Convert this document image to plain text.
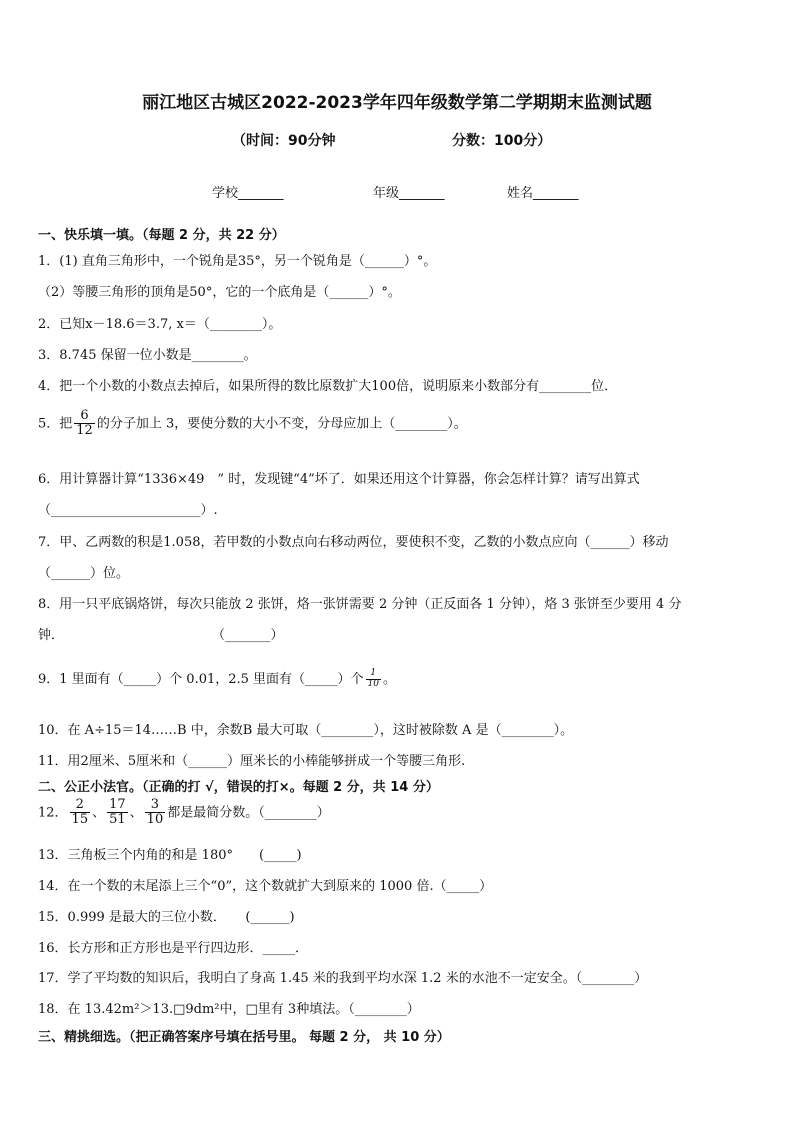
丽江地区古城区2022-2023学年四年级数学第二学期期末监测试题
（时间：90分钟	分数：100分）
学校_______	年级_______	姓名_______
一、快乐填一填。（每题 2 分，共 22 分）
1．(1) 直角三角形中，一个锐角是35°，另一个锐角是（______）°。
（2）等腰三角形的顶角是50°，它的一个底角是（______）°。
2．已知x－18.6＝3.7, x＝（________）。
3．8.745 保留一位小数是________。
4．把一个小数的小数点去掉后，如果所得的数比原数扩大100倍，说明原来小数部分有________位．
5．把 $\frac{6}{12}$ 的分子加上 3，要使分数的大小不变，分母应加上（________）。
6．用计算器计算“1336×49　” 时，发现键“4”坏了．如果还用这个计算器，你会怎样计算？请写出算式
（_______________________）.
7．甲、乙两数的积是1.058，若甲数的小数点向右移动两位，要使积不变，乙数的小数点应向（______）移动
（______）位。
8．用一只平底锅烙饼，每次只能放 2 张饼，烙一张饼需要 2 分钟（正反面各 1 分钟），烙 3 张饼至少要用 4 分
钟．	（_______）
9．1 里面有（_____）个 0.01，2.5 里面有（_____）个 $\frac{1}{10}$ 。
10．在 A÷15＝14……B 中，余数B 最大可取（________），这时被除数 A 是（________）。
11．用2厘米、5厘米和（______）厘米长的小棒能够拼成一个等腰三角形.
二、公正小法官。（正确的打 √，错误的打×。每题 2 分，共 14 分）
12． $\frac{2}{15}$ 、 $\frac{17}{51}$ 、 $\frac{3}{10}$ 都是最简分数。（________）
13．三角板三个内角的和是 180°　　(_____)
14．在一个数的末尾添上三个“0”，这个数就扩大到原来的 1000 倍.（_____）
15．0.999 是最大的三位小数．　　(______)
16．长方形和正方形也是平行四边形．_____．
17．学了平均数的知识后，我明白了身高 1.45 米的我到平均水深 1.2 米的水池不一定安全。（________）
18．在 13.42m²＞13.□9dm²中，□里有 3种填法。（________）
三、精挑细选。（把正确答案序号填在括号里。 每题 2 分， 共 10 分）
